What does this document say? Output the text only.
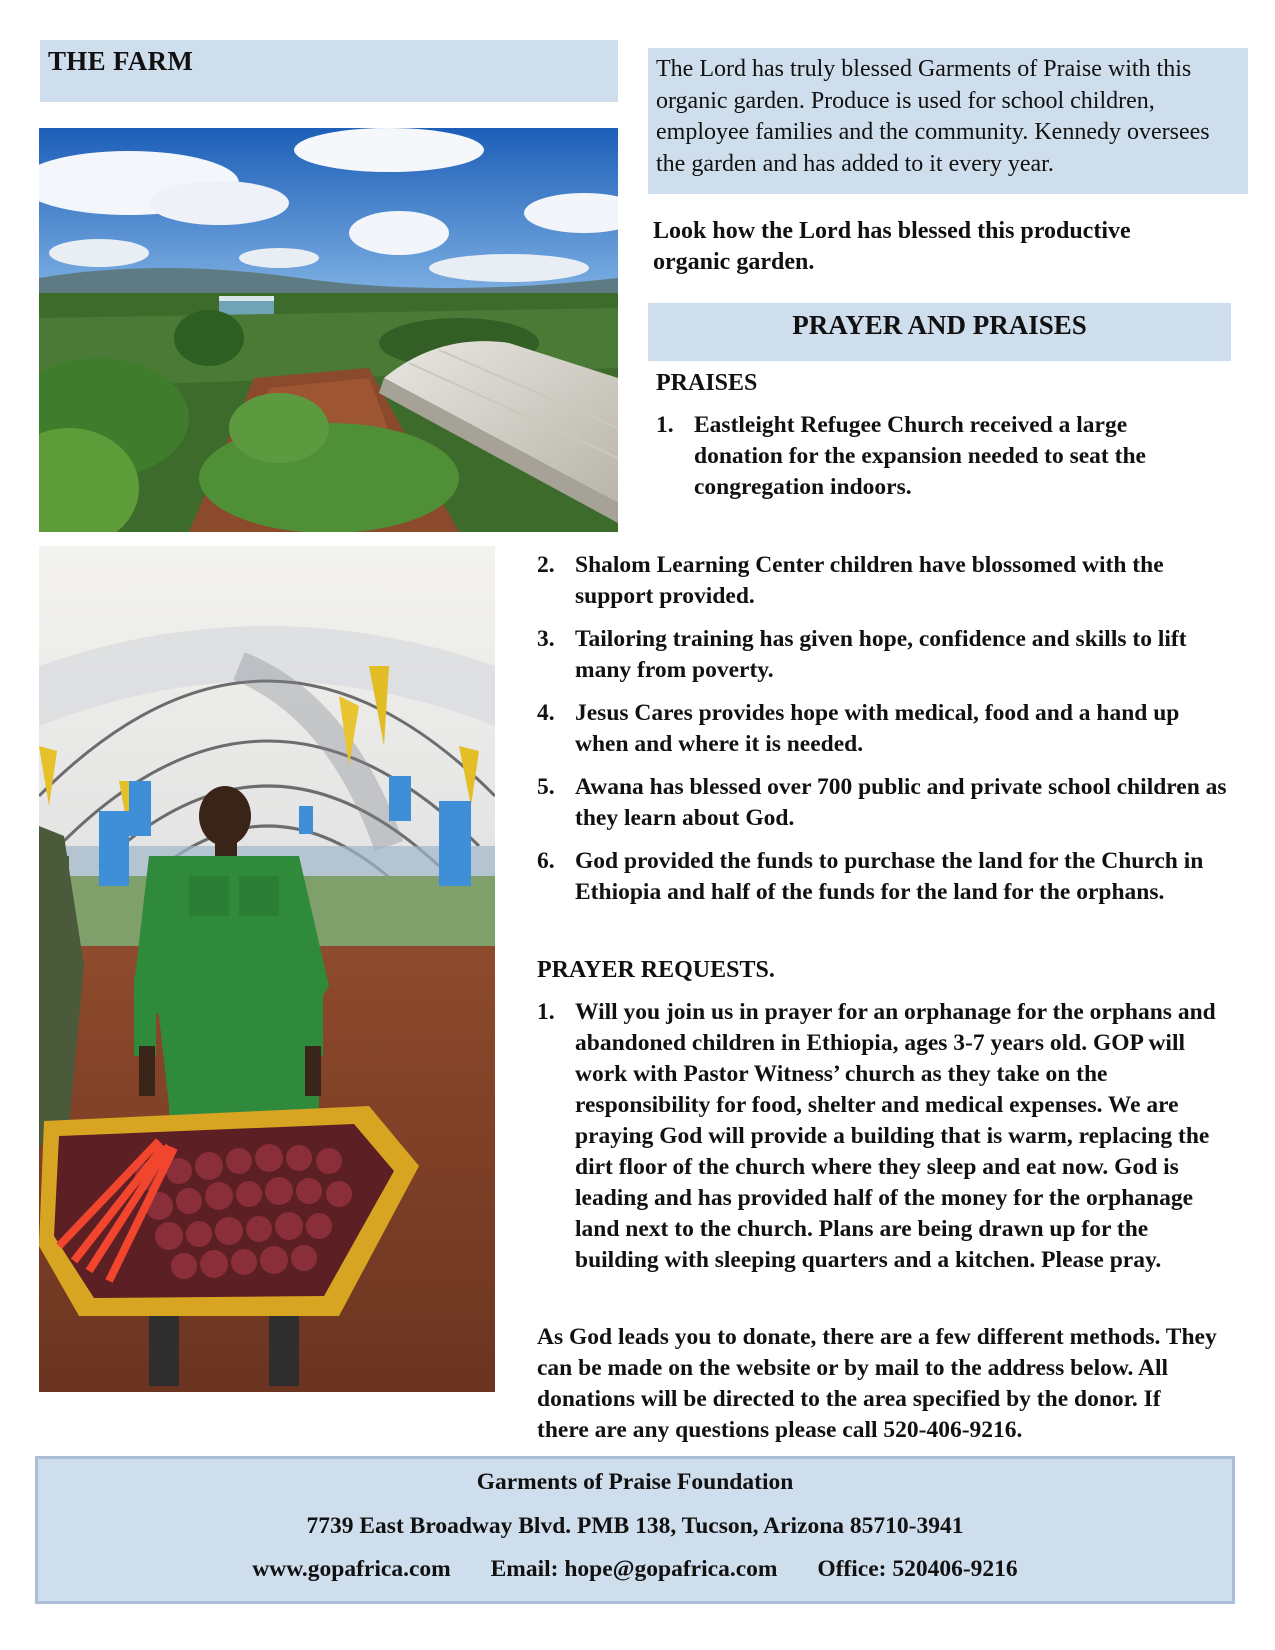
THE FARM	The Lord has truly blessed Garments of Praise with this organic garden. Produce is used for school children, employee families and the community. Kennedy oversees the garden and has added to it every year.

Look how the Lord has blessed this productive organic garden.

PRAYER AND PRAISES
PRAISES
1. Eastleight Refugee Church received a large donation for the expansion needed to seat the congregation indoors.
2. Shalom Learning Center children have blossomed with the support provided.
3. Tailoring training has given hope, confidence and skills to lift many from poverty.
4. Jesus Cares provides hope with medical, food and a hand up when and where it is needed.
5. Awana has blessed over 700 public and private school children as they learn about God.
6. God provided the funds to purchase the land for the Church in Ethiopia and half of the funds for the land for the orphans.
PRAYER REQUESTS.
1. Will you join us in prayer for an orphanage for the orphans and abandoned children in Ethiopia, ages 3-7 years old. GOP will work with Pastor Witness’ church as they take on the responsibility for food, shelter and medical expenses. We are praying God will provide a building that is warm, replacing the dirt floor of the church where they sleep and eat now. God is leading and has provided half of the money for the orphanage land next to the church. Plans are being drawn up for the building with sleeping quarters and a kitchen. Please pray.

As God leads you to donate, there are a few different methods. They can be made on the website or by mail to the address below. All donations will be directed to the area specified by the donor. If there are any questions please call 520-406-9216.

Garments of Praise Foundation
7739 East Broadway Blvd. PMB 138, Tucson, Arizona 85710-3941
www.gopafrica.com Email: hope@gopafrica.com Office: 520406-9216
